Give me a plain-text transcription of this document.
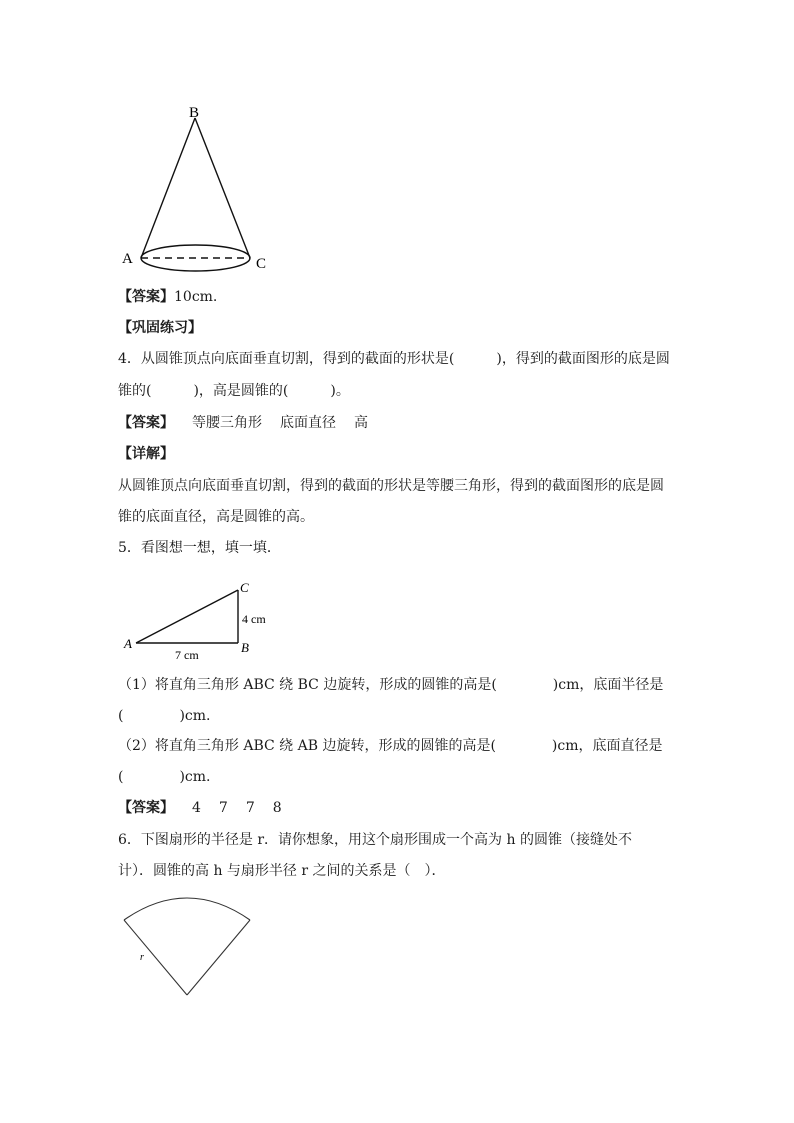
B
A	C
【答案】10cm.
【巩固练习】
4．从圆锥顶点向底面垂直切割，得到的截面的形状是(　　　)，得到的截面图形的底是圆
锥的(　　　)，高是圆锥的(　　　)。
【答案】 等腰三角形 底面直径 高
【详解】
从圆锥顶点向底面垂直切割，得到的截面的形状是等腰三角形，得到的截面图形的底是圆
锥的底面直径，高是圆锥的高。
5．看图想一想，填一填．
A	B
C
4 cm
7 cm
（1）将直角三角形 ABC 绕 BC 边旋转，形成的圆锥的高是(　　　　)cm，底面半径是
(　　　　)cm.
（2）将直角三角形 ABC 绕 AB 边旋转，形成的圆锥的高是(　　　　)cm，底面直径是
(　　　　)cm.
【答案】 4 7 7 8
6．下图扇形的半径是 r．请你想象，用这个扇形围成一个高为 h 的圆锥（接缝处不
计）．圆锥的高 h 与扇形半径 r 之间的关系是（　）．
r
